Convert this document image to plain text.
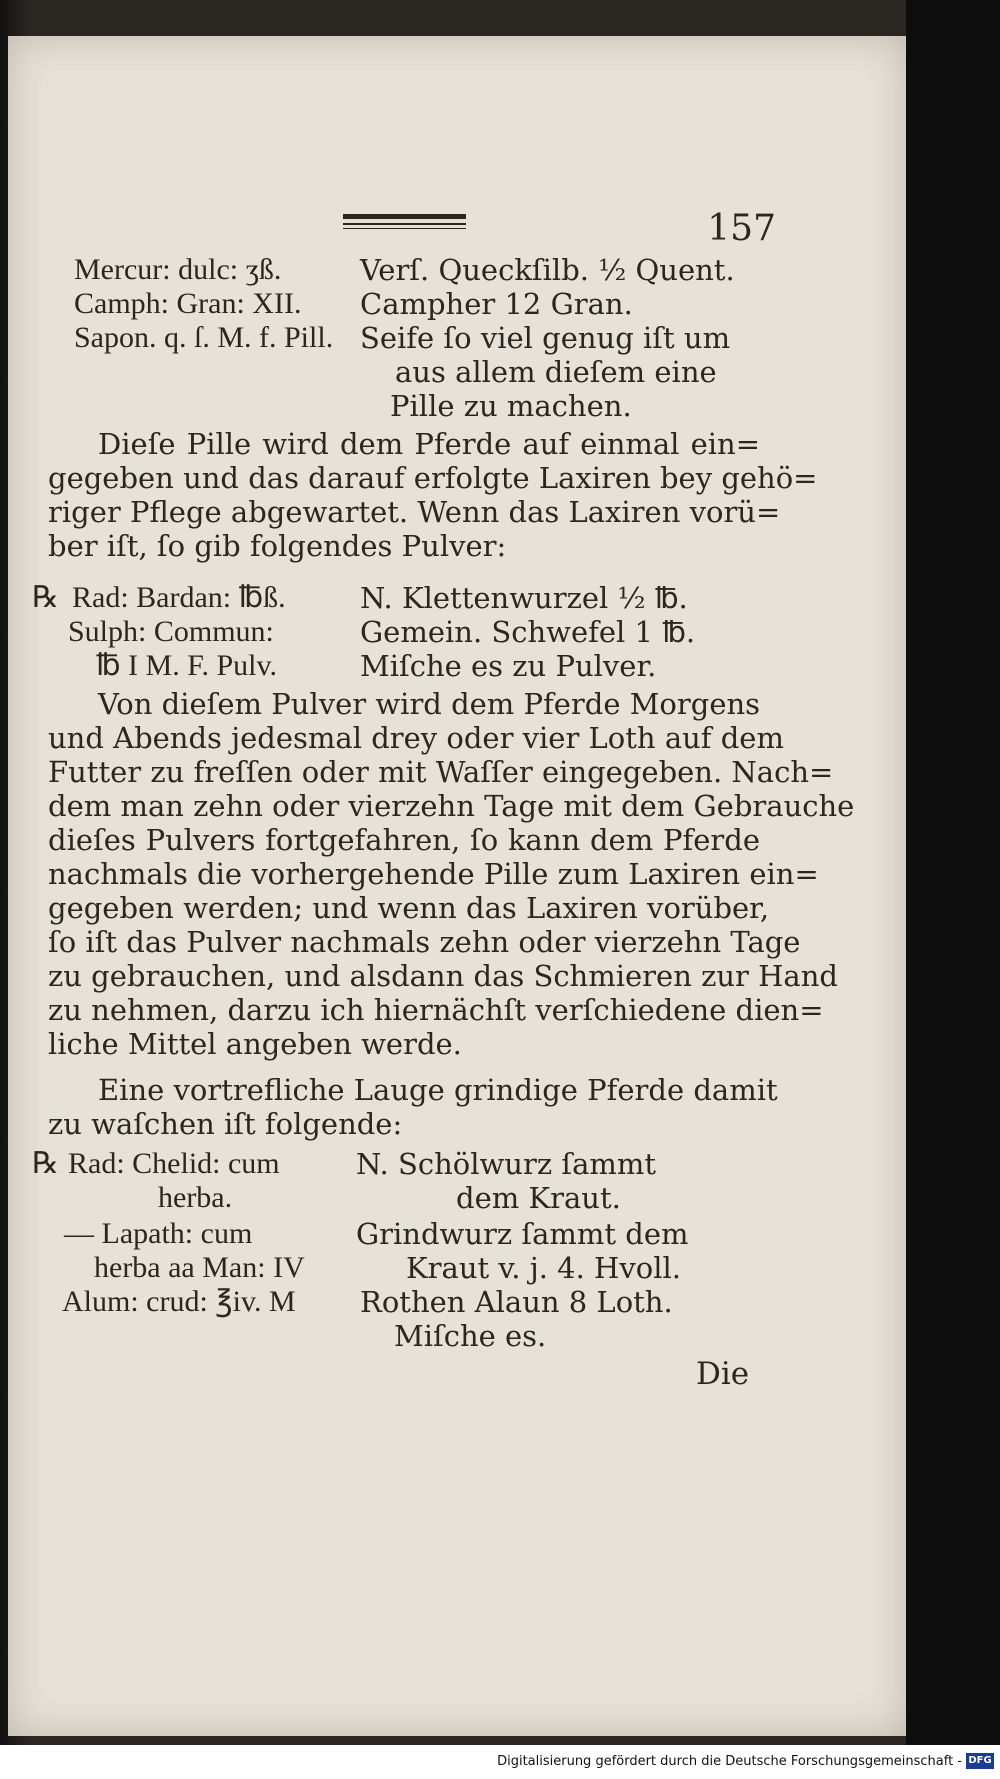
157
Mercur: dulc: ʒß.
Camph: Gran: XII.
Sapon. q. ſ. M. f. Pill.
Verſ. Queckſilb. ½ Quent.
Campher 12 Gran.
Seife ſo viel genug iſt um
aus allem dieſem eine
Pille zu machen.
Dieſe Pille wird dem Pferde auf einmal ein=
gegeben und das darauf erfolgte Laxiren bey gehö=
riger Pflege abgewartet. Wenn das Laxiren vorü=
ber iſt, ſo gib folgendes Pulver:
℞ Rad: Bardan: ℔ß.
Sulph: Commun:
℔ I M. F. Pulv.
N. Klettenwurzel ½ ℔.
Gemein. Schwefel 1 ℔.
Miſche es zu Pulver.
Von dieſem Pulver wird dem Pferde Morgens
und Abends jedesmal drey oder vier Loth auf dem
Futter zu freſſen oder mit Waſſer eingegeben. Nach=
dem man zehn oder vierzehn Tage mit dem Gebrauche
dieſes Pulvers fortgefahren, ſo kann dem Pferde
nachmals die vorhergehende Pille zum Laxiren ein=
gegeben werden; und wenn das Laxiren vorüber,
ſo iſt das Pulver nachmals zehn oder vierzehn Tage
zu gebrauchen, und alsdann das Schmieren zur Hand
zu nehmen, darzu ich hiernächſt verſchiedene dien=
liche Mittel angeben werde.
Eine vortrefliche Lauge grindige Pferde damit
zu waſchen iſt folgende:
℞ Rad: Chelid: cum
herba.
— Lapath: cum
herba aa Man: IV
Alum: crud: ℥iv. M
N. Schölwurz ſammt
dem Kraut.
Grindwurz ſammt dem
Kraut v. j. 4. Hvoll.
Rothen Alaun 8 Loth.
Miſche es.
Die
Digitalisierung gefördert durch die Deutsche Forschungsgemeinschaft - DFG
